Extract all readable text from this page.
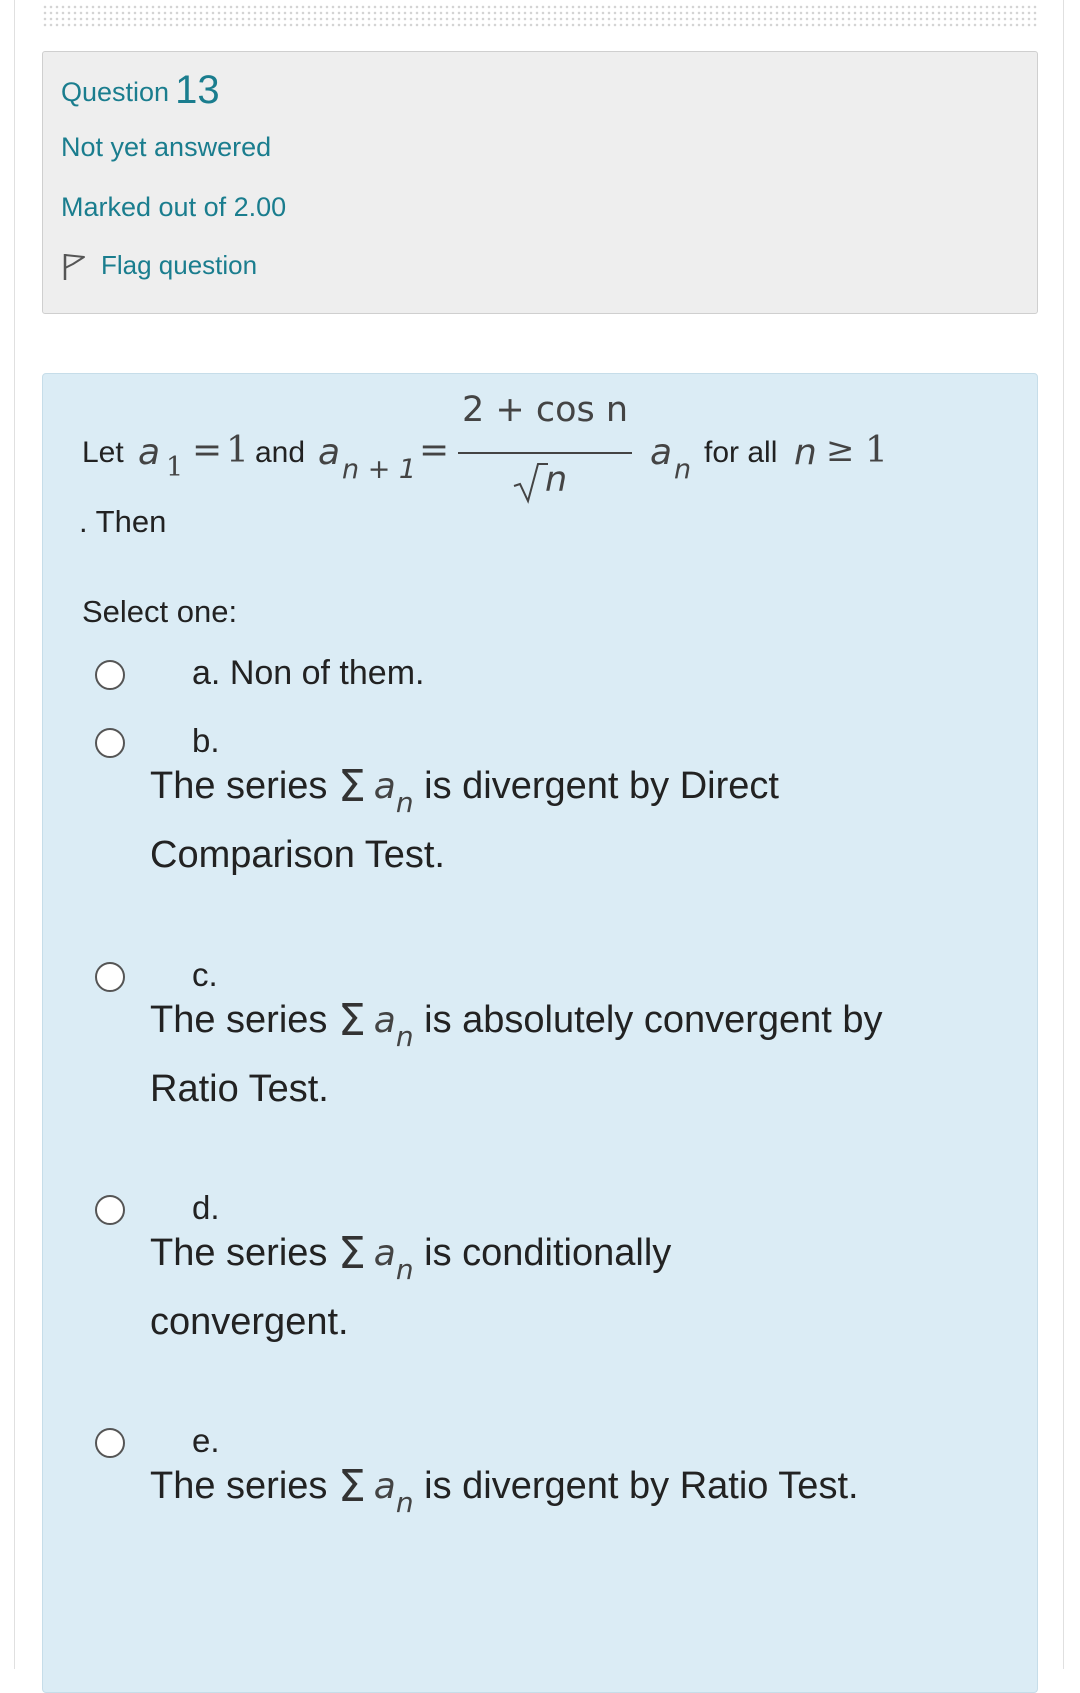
Question 13
Not yet answered
Marked out of 2.00
Flag question
Let a 1 = 1 and a n + 1 =
2 + cos n
n
a n
for all n ≥ 1
. Then
Select one:
a. Non of them.
b.
The series Σ $a_n$ is divergent by Direct Comparison Test.
c.
The series Σ $a_n$ is absolutely convergent by Ratio Test.
d.
The series Σ $a_n$ is conditionally convergent.
e.
The series Σ $a_n$ is divergent by Ratio Test.
